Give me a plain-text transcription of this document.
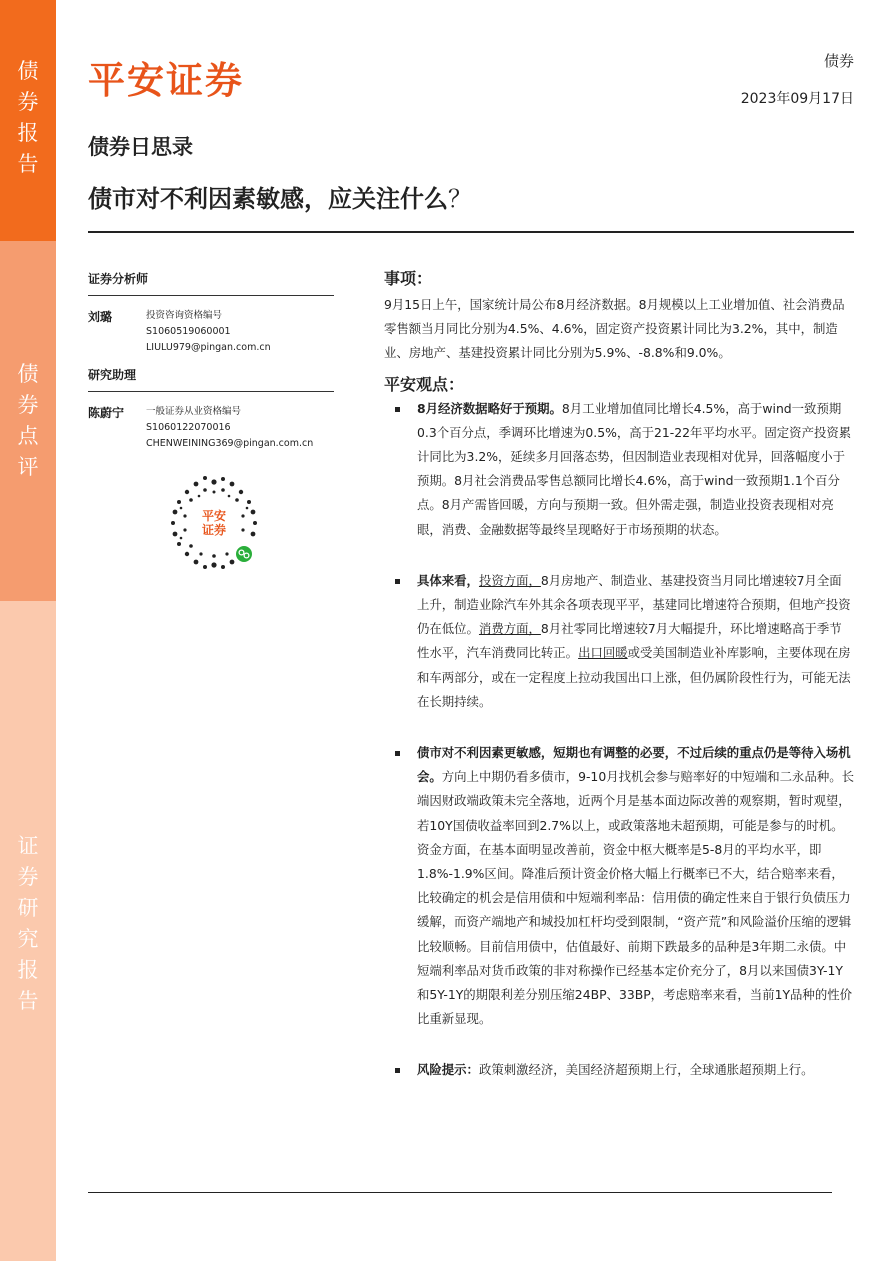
债券报告
债券点评
证券研究报告
平安证券	债券
2023年09月17日
债券日思录
债市对不利因素敏感，应关注什么？
证券分析师
刘璐	投资咨询资格编号
S1060519060001
LIULU979@pingan.com.cn
研究助理
陈蔚宁	一般证券从业资格编号
S1060122070016
CHENWEINING369@pingan.com.cn
平安
证券
事项：

9月15日上午，国家统计局公布8月经济数据。8月规模以上工业增加值、社会消费品零售额当月同比分别为4.5%、4.6%，固定资产投资累计同比为3.2%，其中，制造业、房地产、基建投资累计同比分别为5.9%、-8.8%和9.0%。

平安观点：
8月经济数据略好于预期。8月工业增加值同比增长4.5%，高于wind一致预期0.3个百分点，季调环比增速为0.5%，高于21-22年平均水平。固定资产投资累计同比为3.2%，延续多月回落态势，但因制造业表现相对优异，回落幅度小于预期。8月社会消费品零售总额同比增长4.6%，高于wind一致预期1.1个百分点。8月产需皆回暖，方向与预期一致。但外需走强，制造业投资表现相对亮眼，消费、金融数据等最终呈现略好于市场预期的状态。
具体来看，投资方面，8月房地产、制造业、基建投资当月同比增速较7月全面上升，制造业除汽车外其余各项表现平平，基建同比增速符合预期，但地产投资仍在低位。消费方面，8月社零同比增速较7月大幅提升，环比增速略高于季节性水平，汽车消费同比转正。出口回暖或受美国制造业补库影响，主要体现在房和车两部分，或在一定程度上拉动我国出口上涨，但仍属阶段性行为，可能无法在长期持续。
债市对不利因素更敏感，短期也有调整的必要，不过后续的重点仍是等待入场机会。方向上中期仍看多债市，9-10月找机会参与赔率好的中短端和二永品种。长端因财政端政策未完全落地，近两个月是基本面边际改善的观察期，暂时观望，若10Y国债收益率回到2.7%以上，或政策落地未超预期，可能是参与的时机。资金方面，在基本面明显改善前，资金中枢大概率是5-8月的平均水平，即1.8%-1.9%区间。降准后预计资金价格大幅上行概率已不大，结合赔率来看，比较确定的机会是信用债和中短端利率品：信用债的确定性来自于银行负债压力缓解，而资产端地产和城投加杠杆均受到限制，“资产荒”和风险溢价压缩的逻辑比较顺畅。目前信用债中，估值最好、前期下跌最多的品种是3年期二永债。中短端利率品对货币政策的非对称操作已经基本定价充分了，8月以来国债3Y-1Y和5Y-1Y的期限利差分别压缩24BP、33BP，考虑赔率来看，当前1Y品种的性价比重新显现。
风险提示：政策刺激经济，美国经济超预期上行，全球通胀超预期上行。
